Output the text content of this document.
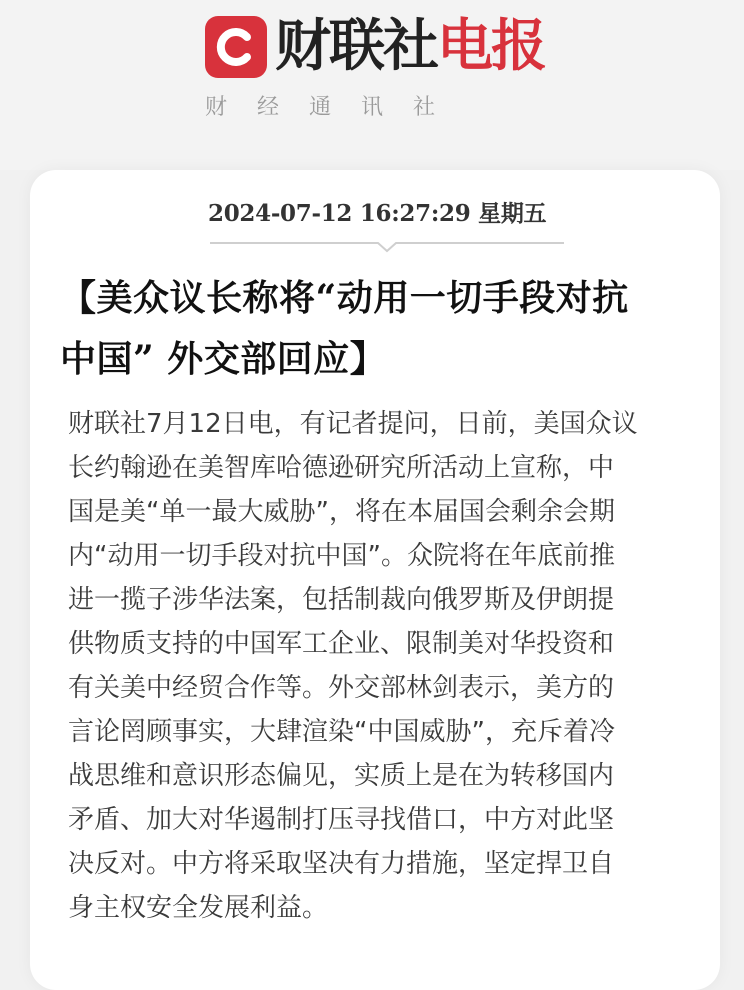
财联社 电报
财经通讯社
2024-07-12 16:27:29 星期五
【美众议长称将“动用一切手段对抗
中国” 外交部回应】
财联社7月12日电，有记者提问，日前，美国众议
长约翰逊在美智库哈德逊研究所活动上宣称，中
国是美“单一最大威胁”，将在本届国会剩余会期
内“动用一切手段对抗中国”。众院将在年底前推
进一揽子涉华法案，包括制裁向俄罗斯及伊朗提
供物质支持的中国军工企业、限制美对华投资和
有关美中经贸合作等。外交部林剑表示，美方的
言论罔顾事实，大肆渲染“中国威胁”，充斥着冷
战思维和意识形态偏见，实质上是在为转移国内
矛盾、加大对华遏制打压寻找借口，中方对此坚
决反对。中方将采取坚决有力措施，坚定捍卫自
身主权安全发展利益。
